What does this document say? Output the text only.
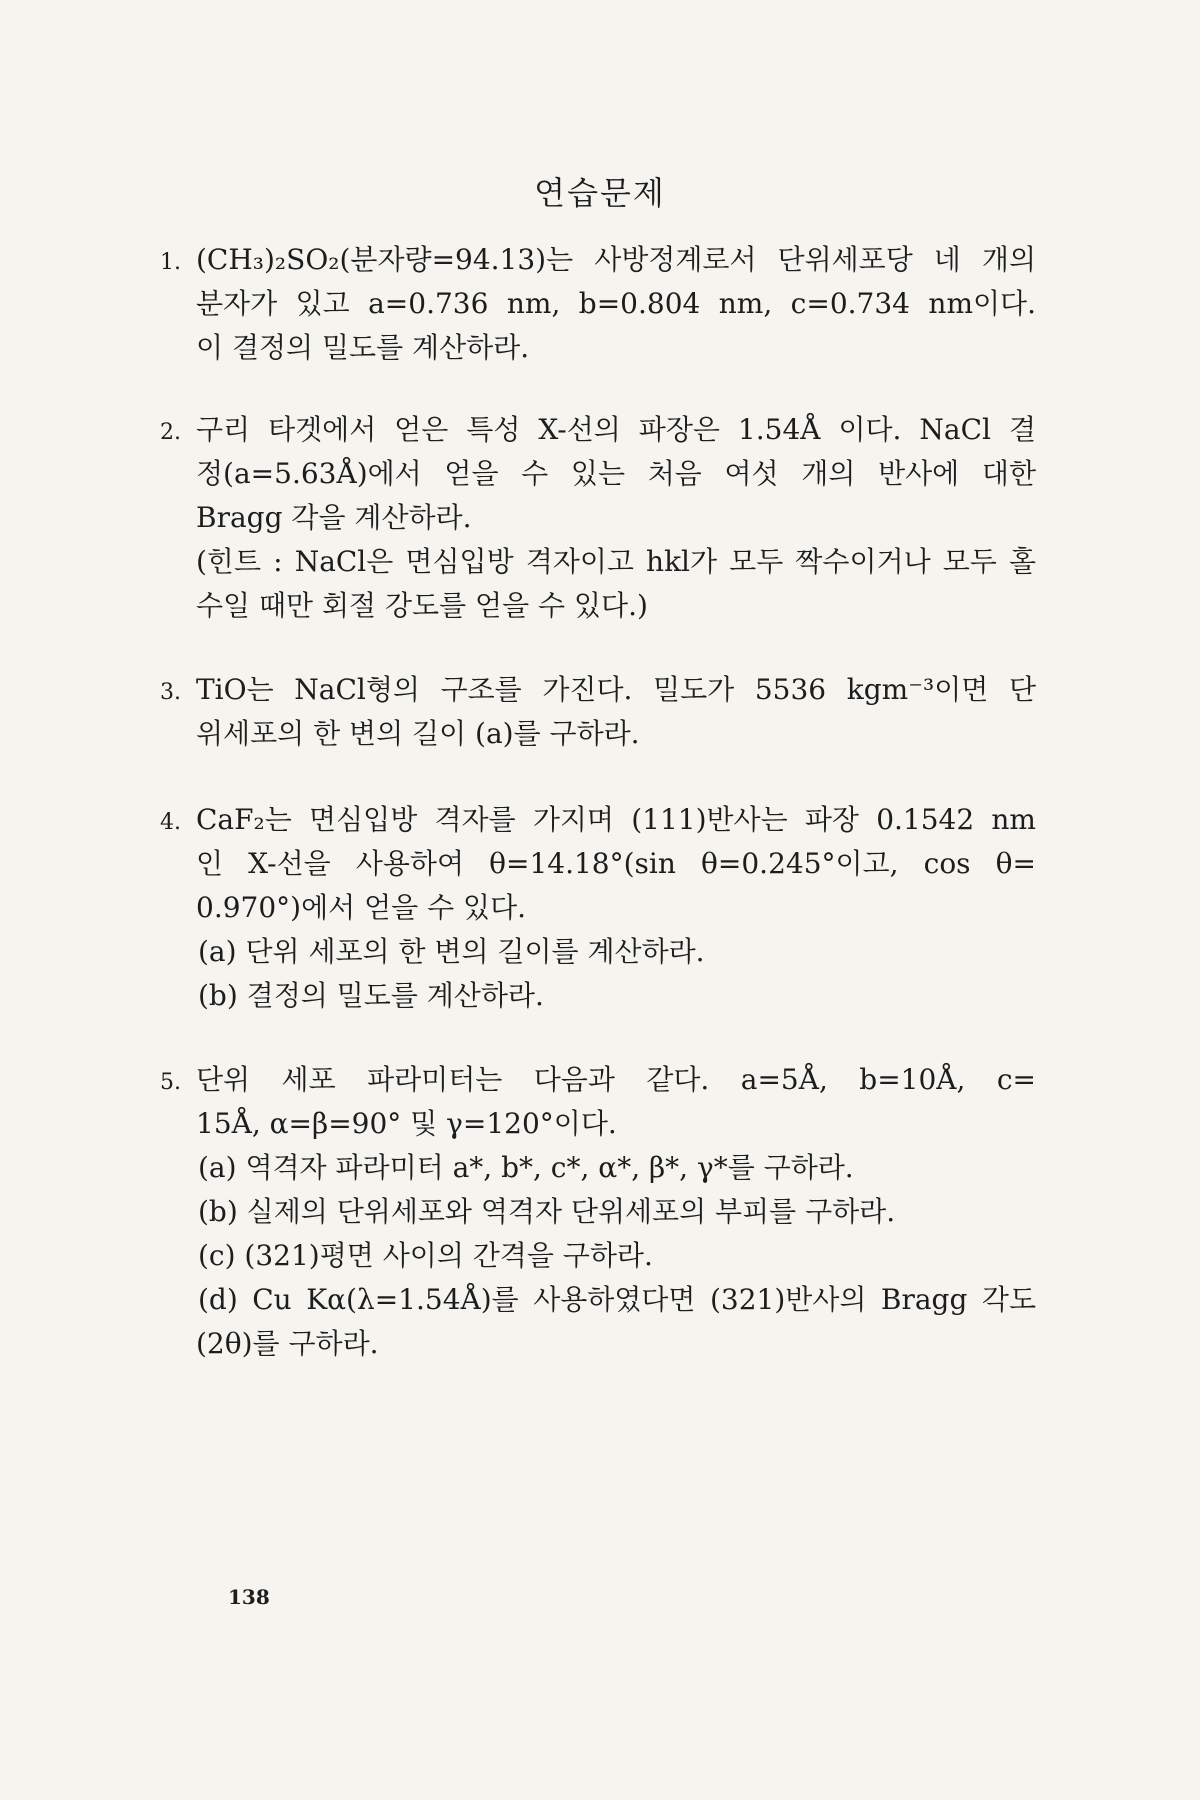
연습문제
1. (CH₃)₂SO₂(분자량=94.13)는 사방정계로서 단위세포당 네 개의
분자가 있고 a=0.736 nm, b=0.804 nm, c=0.734 nm이다.
이 결정의 밀도를 계산하라.
2. 구리 타겟에서 얻은 특성 X-선의 파장은 1.54Å 이다. NaCl 결
정(a=5.63Å)에서 얻을 수 있는 처음 여섯 개의 반사에 대한
Bragg 각을 계산하라.
(힌트 : NaCl은 면심입방 격자이고 hkl가 모두 짝수이거나 모두 홀
수일 때만 회절 강도를 얻을 수 있다.)
3. TiO는 NaCl형의 구조를 가진다. 밀도가 5536 kgm⁻³이면 단
위세포의 한 변의 길이 (a)를 구하라.
4. CaF₂는 면심입방 격자를 가지며 (111)반사는 파장 0.1542 nm
인 X-선을 사용하여 θ=14.18°(sin θ=0.245°이고, cos θ=
0.970°)에서 얻을 수 있다.
(a) 단위 세포의 한 변의 길이를 계산하라.
(b) 결정의 밀도를 계산하라.
5. 단위 세포 파라미터는 다음과 같다. a=5Å, b=10Å, c=
15Å, α=β=90° 및 γ=120°이다.
(a) 역격자 파라미터 a*, b*, c*, α*, β*, γ*를 구하라.
(b) 실제의 단위세포와 역격자 단위세포의 부피를 구하라.
(c) (321)평면 사이의 간격을 구하라.
(d) Cu Kα(λ=1.54Å)를 사용하였다면 (321)반사의 Bragg 각도
(2θ)를 구하라.
138
